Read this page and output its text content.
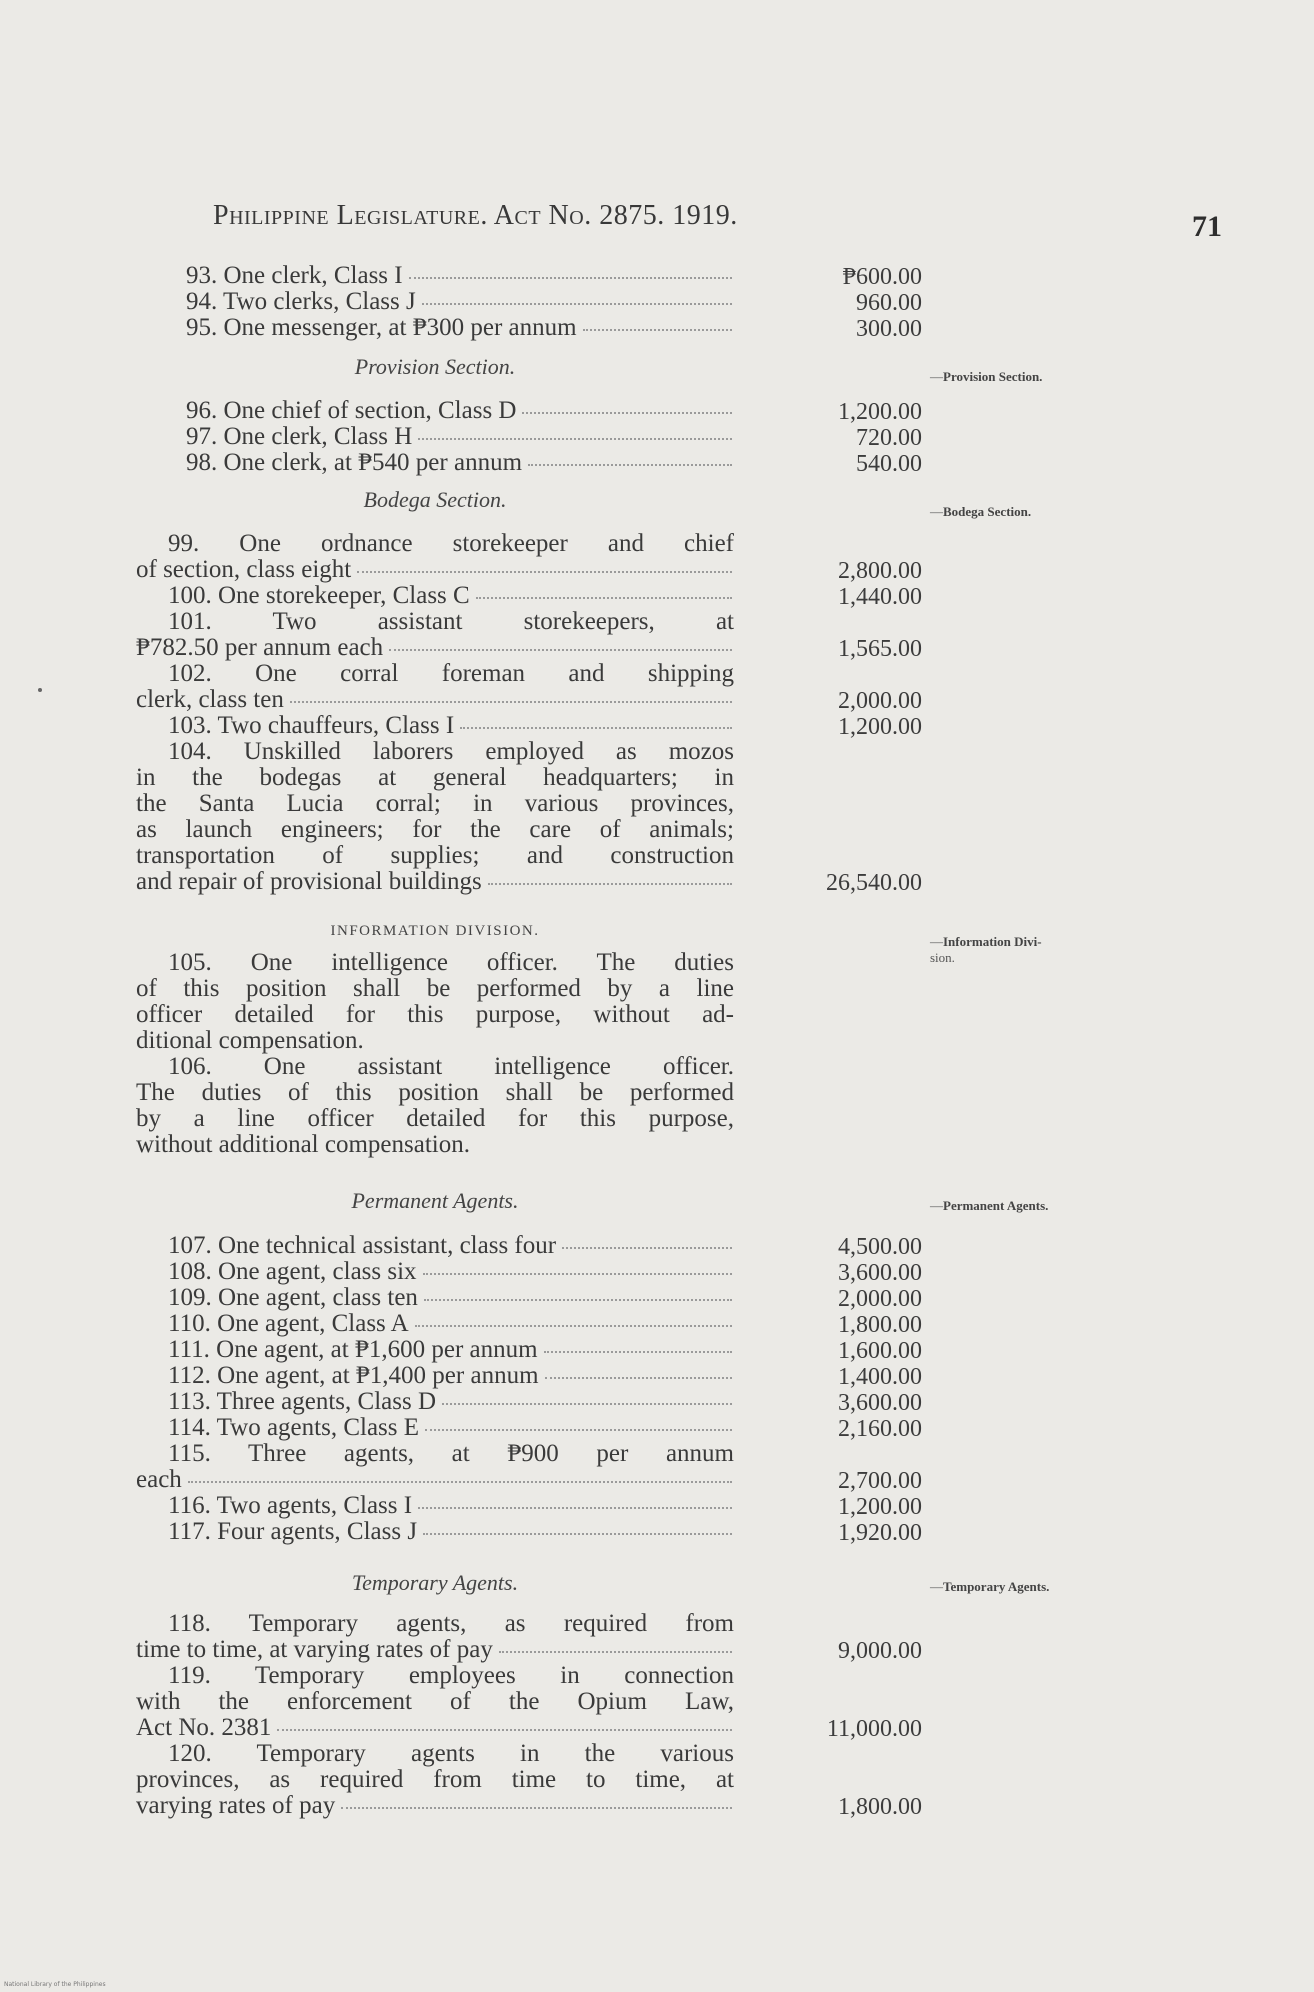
Philippine Legislature. Act No. 2875. 1919.	71
93. One clerk, Class I	₱600.00
94. Two clerks, Class J	960.00
95. One messenger, at ₱300 per annum	300.00
96. One chief of section, Class D	1,200.00
97. One clerk, Class H	720.00
98. One clerk, at ₱540 per annum	540.00
99. One ordnance storekeeper and chief
of section, class eight	2,800.00
100. One storekeeper, Class C	1,440.00
101. Two assistant storekeepers, at
₱782.50 per annum each	1,565.00
102. One corral foreman and shipping
clerk, class ten	2,000.00
103. Two chauffeurs, Class I	1,200.00
104. Unskilled laborers employed as mozos
in the bodegas at general headquarters; in
the Santa Lucia corral; in various provinces,
as launch engineers; for the care of animals;
transportation of supplies; and construction
and repair of provisional buildings	26,540.00
105. One intelligence officer. The duties
of this position shall be performed by a line
officer detailed for this purpose, without ad-
ditional compensation.
106. One assistant intelligence officer.
The duties of this position shall be performed
by a line officer detailed for this purpose,
without additional compensation.
107. One technical assistant, class four	4,500.00
108. One agent, class six	3,600.00
109. One agent, class ten	2,000.00
110. One agent, Class A	1,800.00
111. One agent, at ₱1,600 per annum	1,600.00
112. One agent, at ₱1,400 per annum	1,400.00
113. Three agents, Class D	3,600.00
114. Two agents, Class E	2,160.00
115. Three agents, at ₱900 per annum
each	2,700.00
116. Two agents, Class I	1,200.00
117. Four agents, Class J	1,920.00
118. Temporary agents, as required from
time to time, at varying rates of pay	9,000.00
119. Temporary employees in connection
with the enforcement of the Opium Law,
Act No. 2381	11,000.00
120. Temporary agents in the various
provinces, as required from time to time, at
varying rates of pay	1,800.00
Provision Section.
Bodega Section.
INFORMATION DIVISION.
Permanent Agents.
Temporary Agents.
—Provision Section.
—Bodega Section.
—Information Divi-
sion.
—Permanent Agents.
—Temporary Agents.
National Library of the Philippines
